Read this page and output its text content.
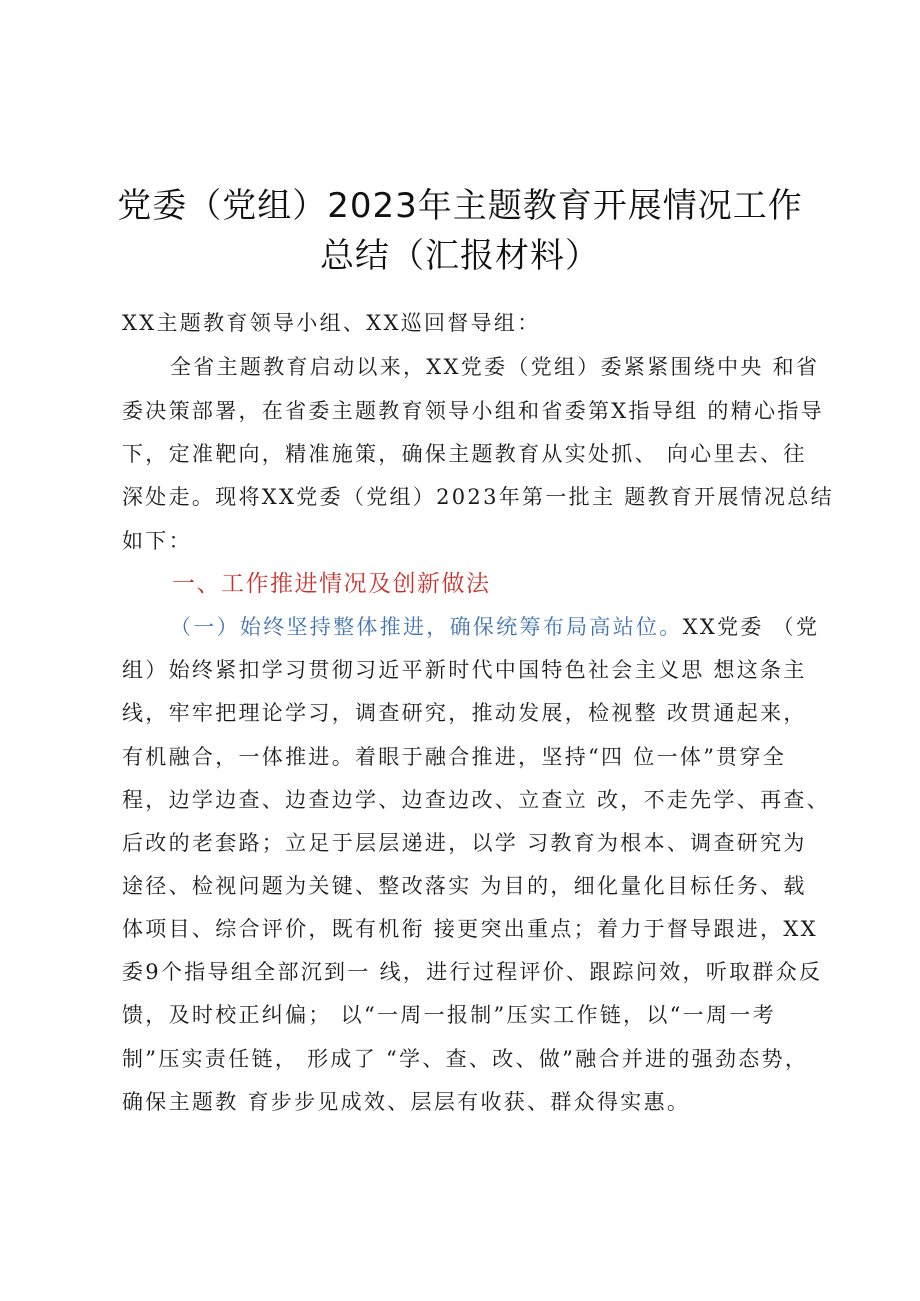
党委（党组）2023年主题教育开展情况工作
总结（汇报材料）
XX主题教育领导小组、XX巡回督导组：
全省主题教育启动以来，XX党委（党组）委紧紧围绕中央 和省
委决策部署，在省委主题教育领导小组和省委第X指导组 的精心指导
下，定准靶向，精准施策，确保主题教育从实处抓、 向心里去、往
深处走。现将XX党委（党组）2023年第一批主 题教育开展情况总结
如下：
一、工作推进情况及创新做法
（一）始终坚持整体推进，确保统筹布局高站位。XX党委 （党
组）始终紧扣学习贯彻习近平新时代中国特色社会主义思 想这条主
线，牢牢把理论学习，调查研究，推动发展，检视整 改贯通起来，
有机融合，一体推进。着眼于融合推进，坚持“四 位一体”贯穿全
程，边学边查、边查边学、边查边改、立查立 改，不走先学、再查、
后改的老套路；立足于层层递进，以学 习教育为根本、调查研究为
途径、检视问题为关键、整改落实 为目的，细化量化目标任务、载
体项目、综合评价，既有机衔 接更突出重点；着力于督导跟进，XX
委9个指导组全部沉到一 线，进行过程评价、跟踪问效，听取群众反
馈，及时校正纠偏； 以“一周一报制”压实工作链，以“一周一考
制”压实责任链， 形成了 “学、查、改、做”融合并进的强劲态势，
确保主题教 育步步见成效、层层有收获、群众得实惠。
